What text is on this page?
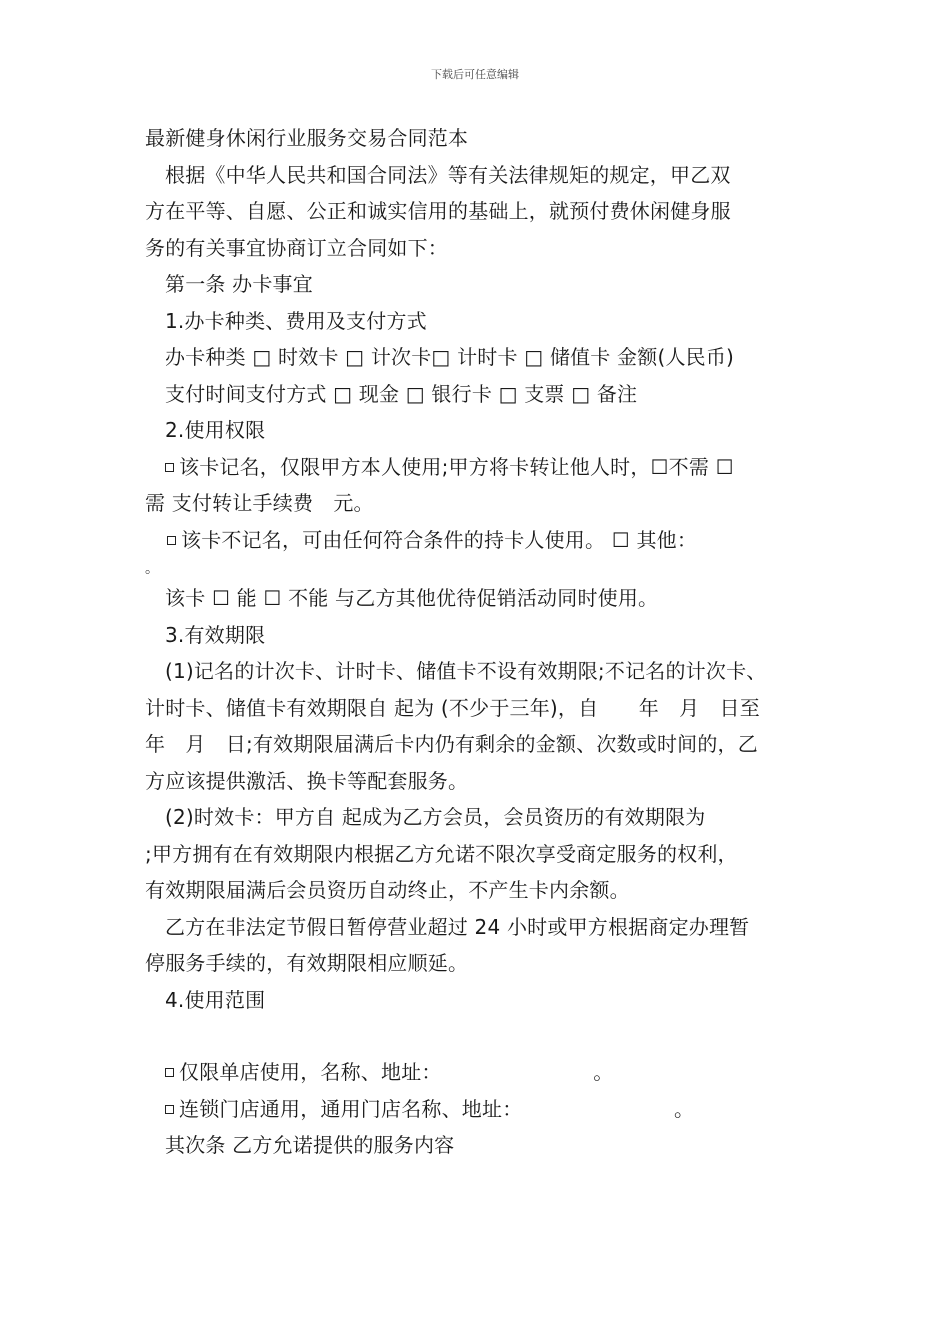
下载后可任意编辑
最新健身休闲行业服务交易合同范本
根据《中华人民共和国合同法》等有关法律规矩的规定，甲乙双
方在平等、自愿、公正和诚实信用的基础上，就预付费休闲健身服
务的有关事宜协商订立合同如下：
第一条 办卡事宜
1.办卡种类、费用及支付方式
办卡种类 □ 时效卡 □ 计次卡□ 计时卡 □ 储值卡 金额(人民币)
支付时间支付方式 □ 现金 □ 银行卡 □ 支票 □ 备注
2.使用权限
该卡记名，仅限甲方本人使用;甲方将卡转让他人时，☐不需 ☐
需 支付转让手续费　元。
该卡不记名，可由任何符合条件的持卡人使用。 ☐ 其他：
。
该卡 ☐ 能 ☐ 不能 与乙方其他优待促销活动同时使用。
3.有效期限
(1)记名的计次卡、计时卡、储值卡不设有效期限;不记名的计次卡、
计时卡、储值卡有效期限自 起为 (不少于三年)，自　　年　月　日至
年　月　日;有效期限届满后卡内仍有剩余的金额、次数或时间的，乙
方应该提供激活、换卡等配套服务。
(2)时效卡：甲方自 起成为乙方会员，会员资历的有效期限为
;甲方拥有在有效期限内根据乙方允诺不限次享受商定服务的权利，
有效期限届满后会员资历自动终止，不产生卡内余额。
乙方在非法定节假日暂停营业超过 24 小时或甲方根据商定办理暂
停服务手续的，有效期限相应顺延。
4.使用范围
仅限单店使用，名称、地址：　　　　　　　　。
连锁门店通用，通用门店名称、地址：　　　　　　　　。
其次条 乙方允诺提供的服务内容
